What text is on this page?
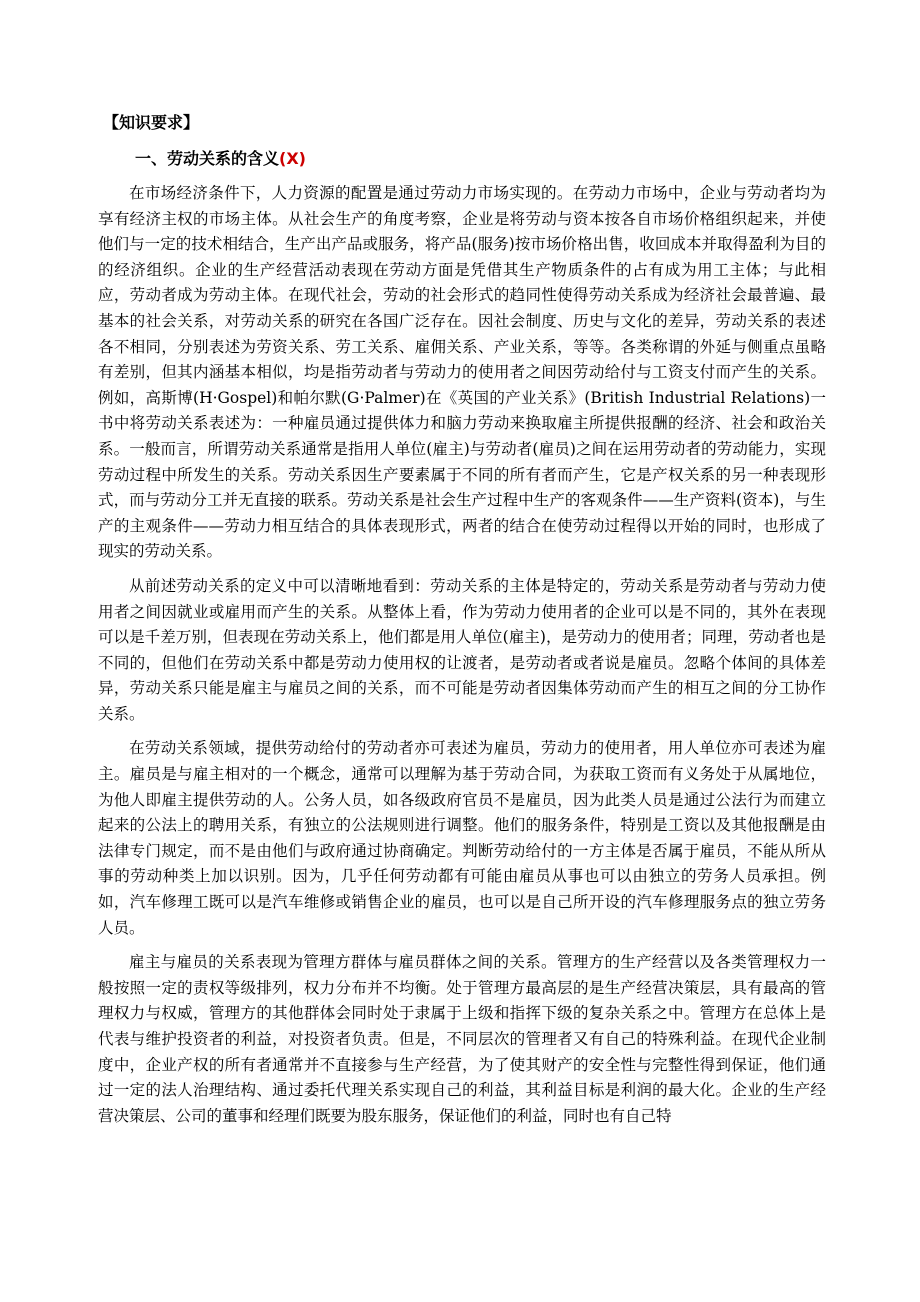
【知识要求】
一、劳动关系的含义(X)

在市场经济条件下，人力资源的配置是通过劳动力市场实现的。在劳动力市场中，企业与劳动者均为享有经济主权的市场主体。从社会生产的角度考察，企业是将劳动与资本按各自市场价格组织起来，并使他们与一定的技术相结合，生产出产品或服务，将产品(服务)按市场价格出售，收回成本并取得盈利为目的的经济组织。企业的生产经营活动表现在劳动方面是凭借其生产物质条件的占有成为用工主体；与此相应，劳动者成为劳动主体。在现代社会，劳动的社会形式的趋同性使得劳动关系成为经济社会最普遍、最基本的社会关系，对劳动关系的研究在各国广泛存在。因社会制度、历史与文化的差异，劳动关系的表述各不相同，分别表述为劳资关系、劳工关系、雇佣关系、产业关系，等等。各类称谓的外延与侧重点虽略有差别，但其内涵基本相似，均是指劳动者与劳动力的使用者之间因劳动给付与工资支付而产生的关系。例如，高斯博(H·Gospel)和帕尔默(G·Palmer)在《英国的产业关系》(British Industrial Relations)一书中将劳动关系表述为：一种雇员通过提供体力和脑力劳动来换取雇主所提供报酬的经济、社会和政治关系。一般而言，所谓劳动关系通常是指用人单位(雇主)与劳动者(雇员)之间在运用劳动者的劳动能力，实现劳动过程中所发生的关系。劳动关系因生产要素属于不同的所有者而产生，它是产权关系的另一种表现形式，而与劳动分工并无直接的联系。劳动关系是社会生产过程中生产的客观条件——生产资料(资本)，与生产的主观条件——劳动力相互结合的具体表现形式，两者的结合在使劳动过程得以开始的同时，也形成了现实的劳动关系。

从前述劳动关系的定义中可以清晰地看到：劳动关系的主体是特定的，劳动关系是劳动者与劳动力使用者之间因就业或雇用而产生的关系。从整体上看，作为劳动力使用者的企业可以是不同的，其外在表现可以是千差万别，但表现在劳动关系上，他们都是用人单位(雇主)，是劳动力的使用者；同理，劳动者也是不同的，但他们在劳动关系中都是劳动力使用权的让渡者，是劳动者或者说是雇员。忽略个体间的具体差异，劳动关系只能是雇主与雇员之间的关系，而不可能是劳动者因集体劳动而产生的相互之间的分工协作关系。

在劳动关系领域，提供劳动给付的劳动者亦可表述为雇员，劳动力的使用者，用人单位亦可表述为雇主。雇员是与雇主相对的一个概念，通常可以理解为基于劳动合同，为获取工资而有义务处于从属地位，为他人即雇主提供劳动的人。公务人员，如各级政府官员不是雇员，因为此类人员是通过公法行为而建立起来的公法上的聘用关系，有独立的公法规则进行调整。他们的服务条件，特别是工资以及其他报酬是由法律专门规定，而不是由他们与政府通过协商确定。判断劳动给付的一方主体是否属于雇员，不能从所从事的劳动种类上加以识别。因为，几乎任何劳动都有可能由雇员从事也可以由独立的劳务人员承担。例如，汽车修理工既可以是汽车维修或销售企业的雇员，也可以是自己所开设的汽车修理服务点的独立劳务人员。

雇主与雇员的关系表现为管理方群体与雇员群体之间的关系。管理方的生产经营以及各类管理权力一般按照一定的责权等级排列，权力分布并不均衡。处于管理方最高层的是生产经营决策层，具有最高的管理权力与权威，管理方的其他群体会同时处于隶属于上级和指挥下级的复杂关系之中。管理方在总体上是代表与维护投资者的利益，对投资者负责。但是，不同层次的管理者又有自己的特殊利益。在现代企业制度中，企业产权的所有者通常并不直接参与生产经营，为了使其财产的安全性与完整性得到保证，他们通过一定的法人治理结构、通过委托代理关系实现自己的利益，其利益目标是利润的最大化。企业的生产经营决策层、公司的董事和经理们既要为股东服务，保证他们的利益，同时也有自己特
